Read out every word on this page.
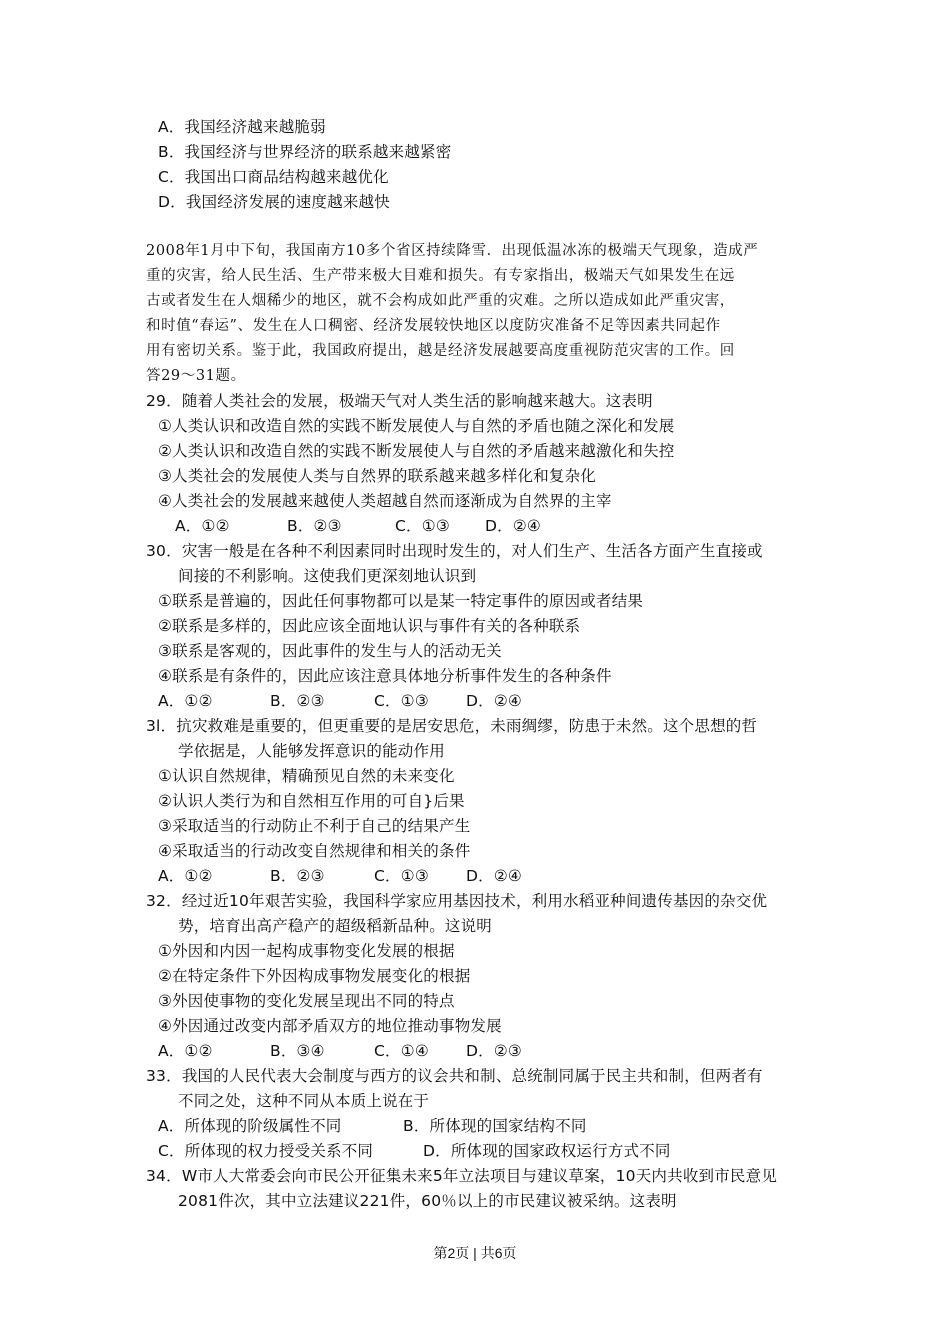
A．我国经济越来越脆弱
B．我国经济与世界经济的联系越来越紧密
C．我国出口商品结构越来越优化
D．我国经济发展的速度越来越快
2008年1月中下旬，我国南方10多个省区持续降雪．出现低温冰冻的极端天气现象，造成严
重的灾害，给人民生活、生产带来极大目难和损失。有专家指出，极端天气如果发生在远
古或者发生在人烟稀少的地区，就不会构成如此严重的灾难。之所以造成如此严重灾害，
和时值“春运”、发生在人口稠密、经济发展较快地区以度防灾准备不足等因素共同起作
用有密切关系。鉴于此，我国政府提出，越是经济发展越要高度重视防范灾害的工作。回
答29～31题。
29．随着人类社会的发展，极端天气对人类生活的影响越来越大。这表明
①人类认识和改造自然的实践不断发展使人与自然的矛盾也随之深化和发展
②人类认识和改造自然的实践不断发展使人与自然的矛盾越来越激化和失控
③人类社会的发展使人类与自然界的联系越来越多样化和复杂化
④人类社会的发展越来越使人类超越自然而逐渐成为自然界的主宰
A．①②	B．②③	C．①③ D．②④
30．灾害一般是在各种不利因素同时出现时发生的，对人们生产、生活各方面产生直接或
间接的不利影响。这使我们更深刻地认识到
①联系是普遍的，因此任何事物都可以是某一特定事件的原因或者结果
②联系是多样的，因此应该全面地认识与事件有关的各种联系
③联系是客观的，因此事件的发生与人的活动无关
④联系是有条件的，因此应该注意具体地分析事件发生的各种条件
A．①②	B．②③	C．①③ D．②④
3l．抗灾救难是重要的，但更重要的是居安思危，未雨绸缪，防患于未然。这个思想的哲
学依据是，人能够发挥意识的能动作用
①认识自然规律，精确预见自然的未来变化
②认识人类行为和自然相互作用的可自}后果
③采取适当的行动防止不利于自己的结果产生
④采取适当的行动改变自然规律和相关的条件
A．①②	B．②③	C．①③ D．②④
32．经过近10年艰苦实验，我国科学家应用基因技术，利用水稻亚种间遗传基因的杂交优
势，培育出高产稳产的超级稻新品种。这说明
①外因和内因一起构成事物变化发展的根据
②在特定条件下外因构成事物发展变化的根据
③外因使事物的变化发展呈现出不同的特点
④外因通过改变内部矛盾双方的地位推动事物发展
A．①②	B．③④	C．①④ D．②③
33．我国的人民代表大会制度与西方的议会共和制、总统制同属于民主共和制，但两者有
不同之处，这种不同从本质上说在于
A．所体现的阶级属性不同	B．所体现的国家结构不同
C．所体现的权力授受关系不同	D．所体现的国家政权运行方式不同
34．W市人大常委会向市民公开征集未来5年立法项目与建议草案，10天内共收到市民意见
2081件次，其中立法建议221件，60％以上的市民建议被采纳。这表明
第2页 | 共6页
